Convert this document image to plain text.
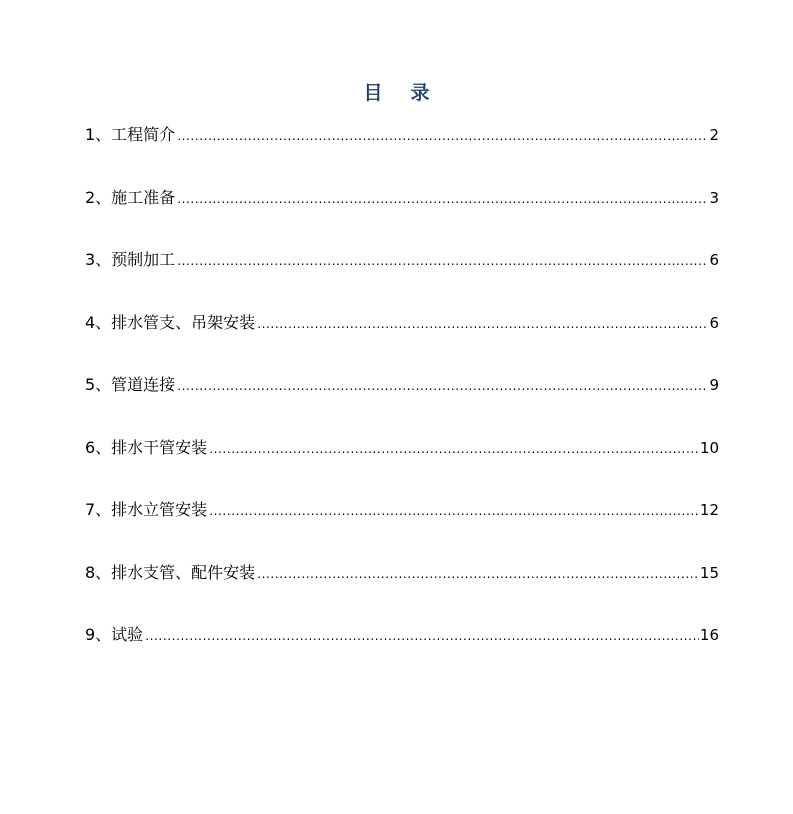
目 录
1、工程简介 .....	2
2、施工准备 .....	3
3、预制加工 .....	6
4、排水管支、吊架安装 .....	6
5、管道连接 .....	9
6、排水干管安装 .....	10
7、排水立管安装 .....	12
8、排水支管、配件安装 .....	15
9、试验 .....	16
